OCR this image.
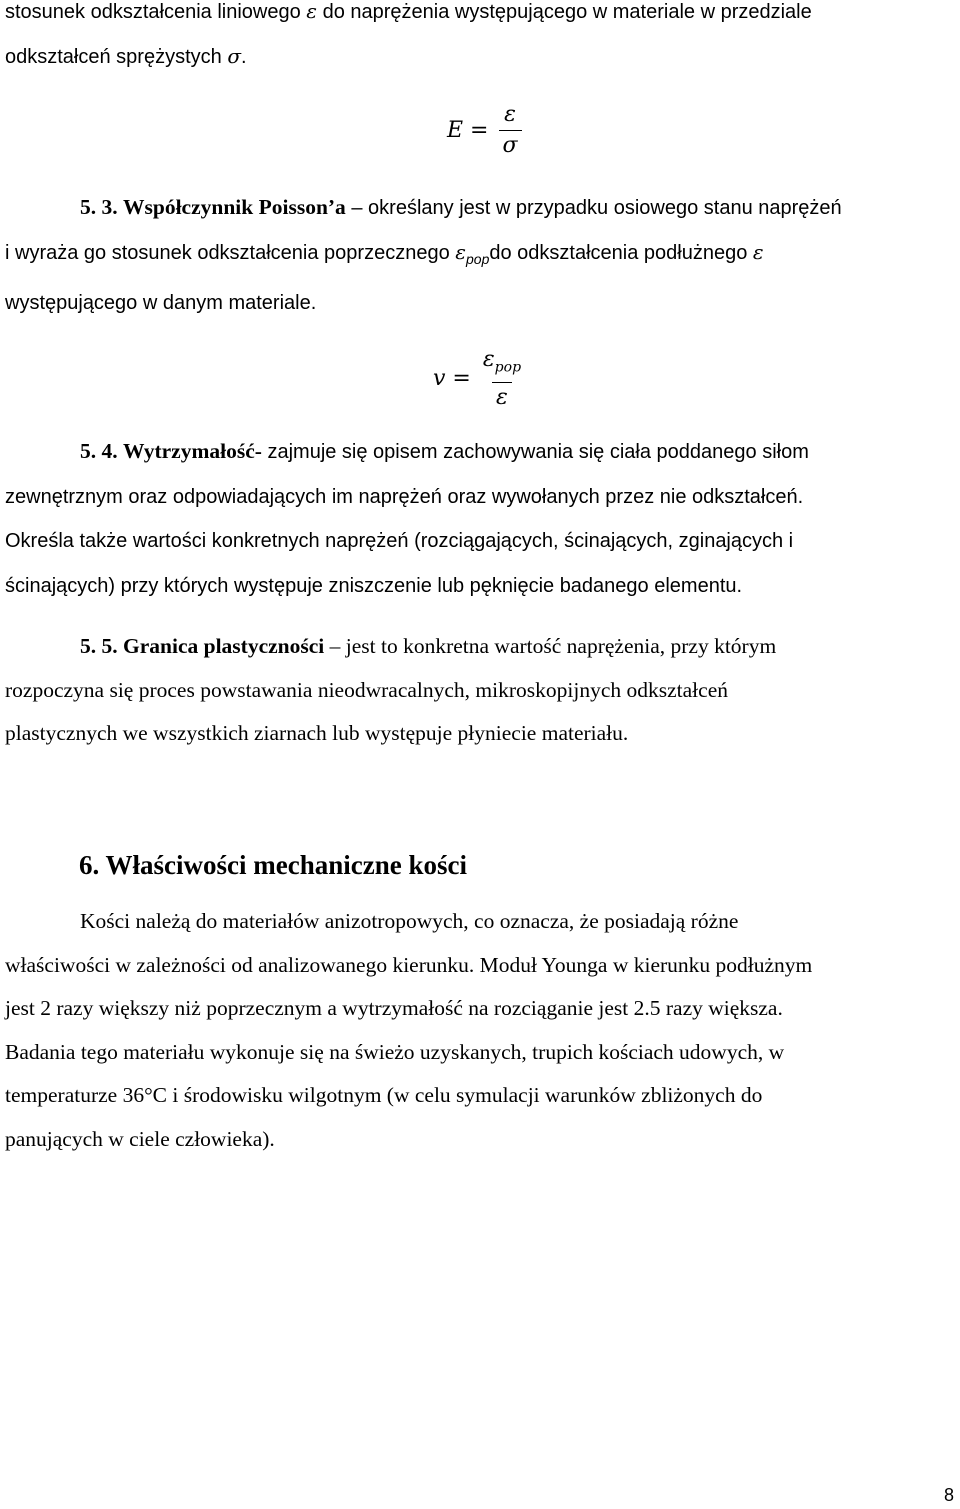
stosunek odkształcenia liniowego ε do naprężenia występującego w materiale w przedziale
odkształceń sprężystych σ.

$E = \frac{\varepsilon}{\sigma}$

5. 3. Współczynnik Poisson’a – określany jest w przypadku osiowego stanu naprężeń
i wyraża go stosunek odkształcenia poprzecznego $\varepsilon_{pop}do$ odkształcenia podłużnego ε
występującego w danym materiale.

$v = \frac{\varepsilon_{pop}}{\varepsilon}$

5. 4. Wytrzymałość- zajmuje się opisem zachowywania się ciała poddanego siłom
zewnętrznym oraz odpowiadających im naprężeń oraz wywołanych przez nie odkształceń.
Określa także wartości konkretnych naprężeń (rozciągających, ścinających, zginających i
ścinających) przy których występuje zniszczenie lub pęknięcie badanego elementu.

5. 5. Granica plastyczności – jest to konkretna wartość naprężenia, przy którym
rozpoczyna się proces powstawania nieodwracalnych, mikroskopijnych odkształceń
plastycznych we wszystkich ziarnach lub występuje płyniecie materiału.

6. Właściwości mechaniczne kości

Kości należą do materiałów anizotropowych, co oznacza, że posiadają różne
właściwości w zależności od analizowanego kierunku. Moduł Younga w kierunku podłużnym
jest 2 razy większy niż poprzecznym a wytrzymałość na rozciąganie jest 2.5 razy większa.
Badania tego materiału wykonuje się na świeżo uzyskanych, trupich kościach udowych, w
temperaturze 36°C i środowisku wilgotnym (w celu symulacji warunków zbliżonych do
panujących w ciele człowieka).

8
